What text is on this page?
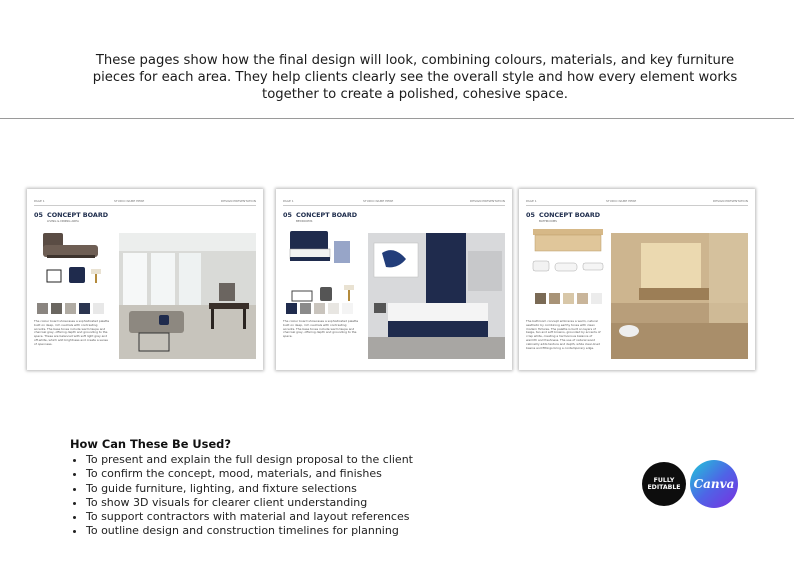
These pages show how the final design will look, combining colours, materials, and key furniture
pieces for each area. They help clients clearly see the overall style and how every element works
together to create a polished, cohesive space.
PAGE 1	STUDIO NAME HERE	DESIGN PRESENTATION
05 CONCEPT BOARD
LIVING & DINING AREA
The colour board showcases a sophisticated palette built on deep, rich neutrals with contrasting accents. The base tones include warm taupe and charcoal grey, offering depth and grounding to the space. These are balanced with soft light grey and off-white, which add brightness and create a sense of openness.
PAGE 1	STUDIO NAME HERE	DESIGN PRESENTATION
05 CONCEPT BOARD
BEDROOMS
The colour board showcases a sophisticated palette built on deep, rich neutrals with contrasting accents. The base tones include warm taupe and charcoal grey, offering depth and grounding to the space.
PAGE 1	STUDIO NAME HERE	DESIGN PRESENTATION
05 CONCEPT BOARD
BATHROOMS
The bathroom concept embraces a warm, natural aesthetic by combining earthy tones with clean modern fixtures. The palette is built on layers of beige, tan and soft browns, grounded by accents of crisp white, creating a harmonious balance of warmth and freshness. The use of natural wood cabinetry adds texture and depth, while clear-lined basins and fittings bring a contemporary edge.
How Can These Be Used?
• To present and explain the full design proposal to the client
• To confirm the concept, mood, materials, and finishes
• To guide furniture, lighting, and fixture selections
• To show 3D visuals for clearer client understanding
• To support contractors with material and layout references
• To outline design and construction timelines for planning
FULLY
EDITABLE Canva
